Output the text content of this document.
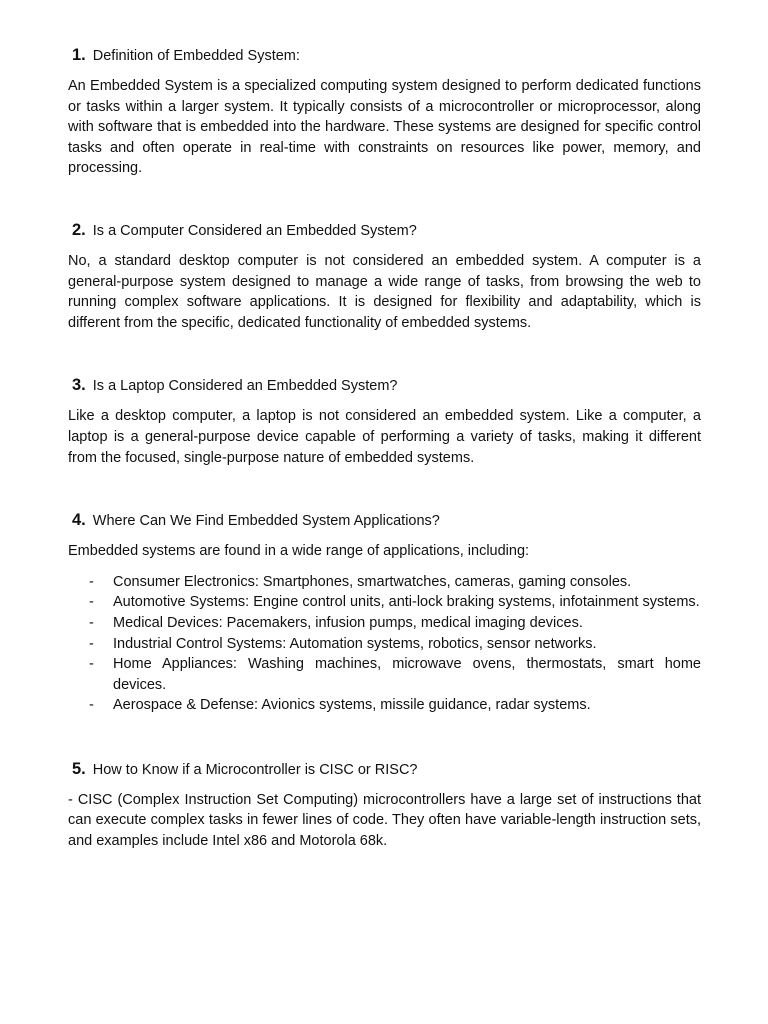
1. Definition of Embedded System:

An Embedded System is a specialized computing system designed to perform dedicated functions or tasks within a larger system. It typically consists of a microcontroller or microprocessor, along with software that is embedded into the hardware. These systems are designed for specific control tasks and often operate in real-time with constraints on resources like power, memory, and processing.

2. Is a Computer Considered an Embedded System?

No, a standard desktop computer is not considered an embedded system. A computer is a general-purpose system designed to manage a wide range of tasks, from browsing the web to running complex software applications. It is designed for flexibility and adaptability, which is different from the specific, dedicated functionality of embedded systems.

3. Is a Laptop Considered an Embedded System?

Like a desktop computer, a laptop is not considered an embedded system. Like a computer, a laptop is a general-purpose device capable of performing a variety of tasks, making it different from the focused, single-purpose nature of embedded systems.

4. Where Can We Find Embedded System Applications?

Embedded systems are found in a wide range of applications, including:

-	Consumer Electronics: Smartphones, smartwatches, cameras, gaming consoles.
-	Automotive Systems: Engine control units, anti-lock braking systems, infotainment systems.
-	Medical Devices: Pacemakers, infusion pumps, medical imaging devices.
-	Industrial Control Systems: Automation systems, robotics, sensor networks.
-	Home Appliances: Washing machines, microwave ovens, thermostats, smart home devices.
-	Aerospace & Defense: Avionics systems, missile guidance, radar systems.
5. How to Know if a Microcontroller is CISC or RISC?

- CISC (Complex Instruction Set Computing) microcontrollers have a large set of instructions that can execute complex tasks in fewer lines of code. They often have variable-length instruction sets, and examples include Intel x86 and Motorola 68k.
